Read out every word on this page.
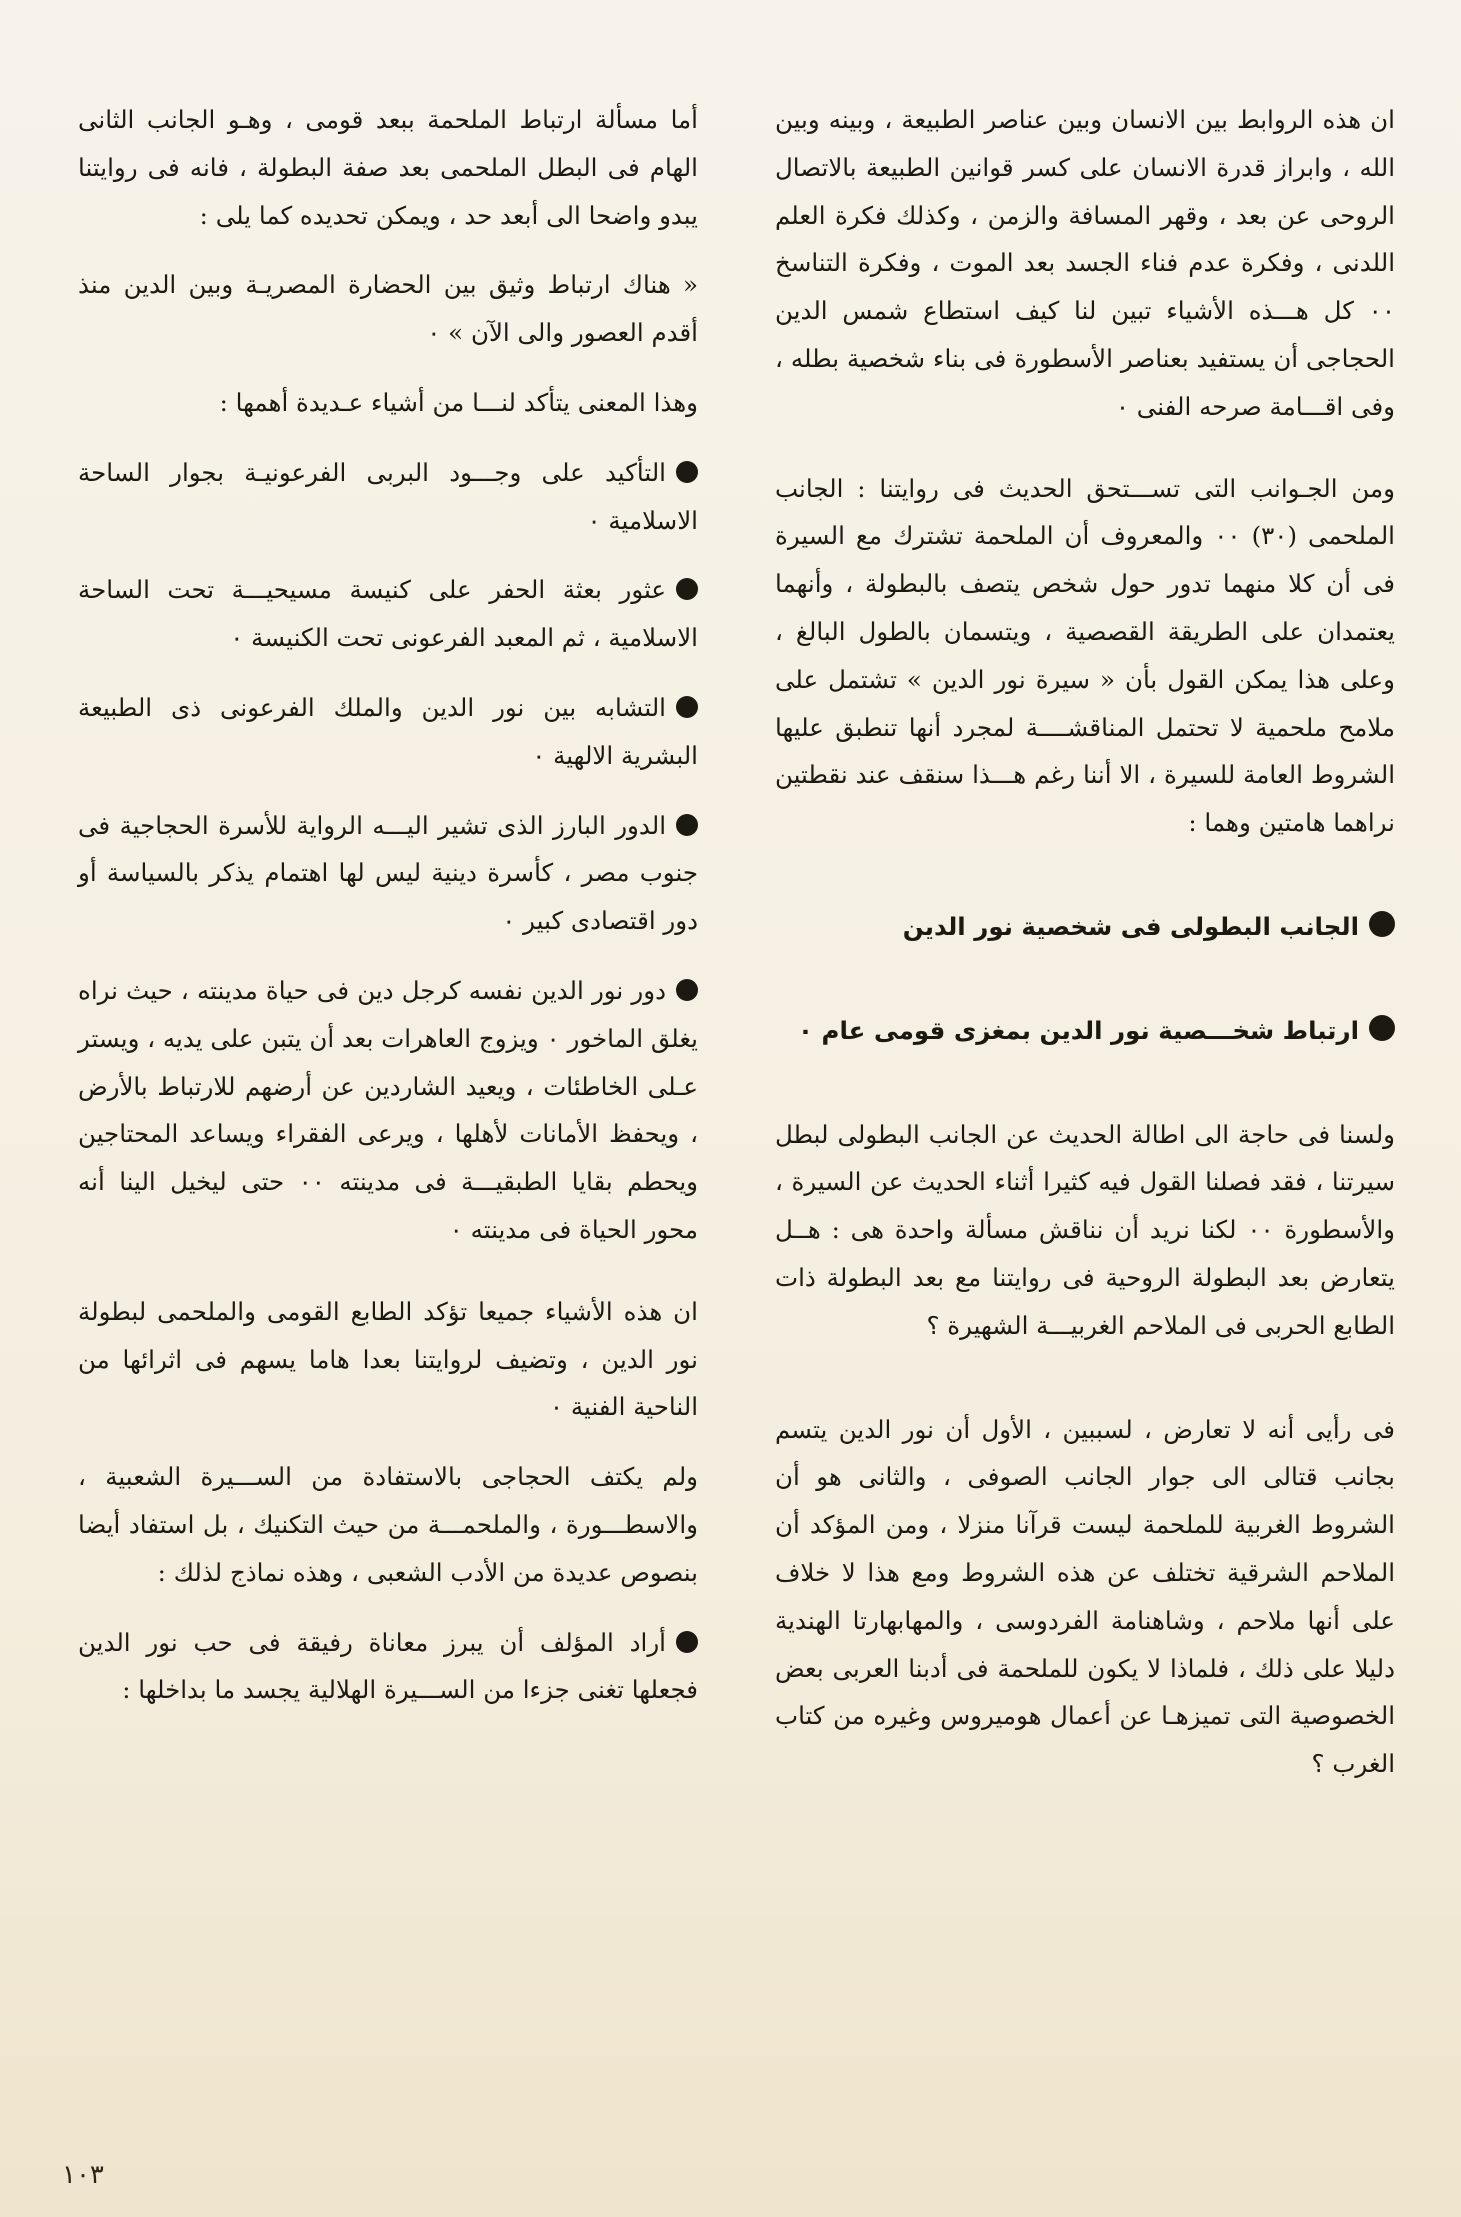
ان هذه الروابط بين الانسان وبين عناصر الطبيعة ، وبينه وبين الله ، وابراز قدرة الانسان على كسر قوانين الطبيعة بالاتصال الروحى عن بعد ، وقهر المسافة والزمن ، وكذلك فكرة العلم اللدنى ، وفكرة عدم فناء الجسد بعد الموت ، وفكرة التناسخ ٠٠ كل هـــذه الأشياء تبين لنا كيف استطاع شمس الدين الحجاجى أن يستفيد بعناصر الأسطورة فى بناء شخصية بطله ، وفى اقـــامة صرحه الفنى ٠

ومن الجـوانب التى تســـتحق الحديث فى روايتنا : الجانب الملحمى (٣٠) ٠٠ والمعروف أن الملحمة تشترك مع السيرة فى أن كلا منهما تدور حول شخص يتصف بالبطولة ، وأنهما يعتمدان على الطريقة القصصية ، ويتسمان بالطول البالغ ، وعلى هذا يمكن القول بأن « سيرة نور الدين » تشتمل على ملامح ملحمية لا تحتمل المناقشــــة لمجرد أنها تنطبق عليها الشروط العامة للسيرة ، الا أننا رغم هـــذا سنقف عند نقطتين نراهما هامتين وهما :

الجانب البطولى فى شخصية نور الدين

ارتباط شخـــصية نور الدين بمغزى قومى عام ٠

ولسنا فى حاجة الى اطالة الحديث عن الجانب البطولى لبطل سيرتنا ، فقد فصلنا القول فيه كثيرا أثناء الحديث عن السيرة ، والأسطورة ٠٠ لكنا نريد أن نناقش مسألة واحدة هى : هــل يتعارض بعد البطولة الروحية فى روايتنا مع بعد البطولة ذات الطابع الحربى فى الملاحم الغربيـــة الشهيرة ؟

فى رأيى أنه لا تعارض ، لسببين ، الأول أن نور الدين يتسم بجانب قتالى الى جوار الجانب الصوفى ، والثانى هو أن الشروط الغربية للملحمة ليست قرآنا منزلا ، ومن المؤكد أن الملاحم الشرقية تختلف عن هذه الشروط ومع هذا لا خلاف على أنها ملاحم ، وشاهنامة الفردوسى ، والمهابهارتا الهندية دليلا على ذلك ، فلماذا لا يكون للملحمة فى أدبنا العربى بعض الخصوصية التى تميزهـا عن أعمال هوميروس وغيره من كتاب الغرب ؟

أما مسألة ارتباط الملحمة ببعد قومى ، وهـو الجانب الثانى الهام فى البطل الملحمى بعد صفة البطولة ، فانه فى روايتنا يبدو واضحا الى أبعد حد ، ويمكن تحديده كما يلى :

« هناك ارتباط وثيق بين الحضارة المصريـة وبين الدين منذ أقدم العصور والى الآن » ٠

وهذا المعنى يتأكد لنـــا من أشياء عـديدة أهمها :

التأكيد على وجـــود البربى الفرعونيـة بجوار الساحة الاسلامية ٠

عثور بعثة الحفر على كنيسة مسيحيـــة تحت الساحة الاسلامية ، ثم المعبد الفرعونى تحت الكنيسة ٠

التشابه بين نور الدين والملك الفرعونى ذى الطبيعة البشرية الالهية ٠

الدور البارز الذى تشير اليـــه الرواية للأسرة الحجاجية فى جنوب مصر ، كأسرة دينية ليس لها اهتمام يذكر بالسياسة أو دور اقتصادى كبير ٠

دور نور الدين نفسه كرجل دين فى حياة مدينته ، حيث نراه يغلق الماخور ٠ ويزوج العاهرات بعد أن يتبن على يديه ، ويستر عـلى الخاطئات ، ويعيد الشاردين عن أرضهم للارتباط بالأرض ، ويحفظ الأمانات لأهلها ، ويرعى الفقراء ويساعد المحتاجين ويحطم بقايا الطبقيـــة فى مدينته ٠٠ حتى ليخيل الينا أنه محور الحياة فى مدينته ٠

ان هذه الأشياء جميعا تؤكد الطابع القومى والملحمى لبطولة نور الدين ، وتضيف لروايتنا بعدا هاما يسهم فى اثرائها من الناحية الفنية ٠

ولم يكتف الحجاجى بالاستفادة من الســـيرة الشعبية ، والاسطـــورة ، والملحمـــة من حيث التكنيك ، بل استفاد أيضا بنصوص عديدة من الأدب الشعبى ، وهذه نماذج لذلك :

أراد المؤلف أن يبرز معاناة رفيقة فى حب نور الدين فجعلها تغنى جزءا من الســـيرة الهلالية يجسد ما بداخلها :

١٠٣
